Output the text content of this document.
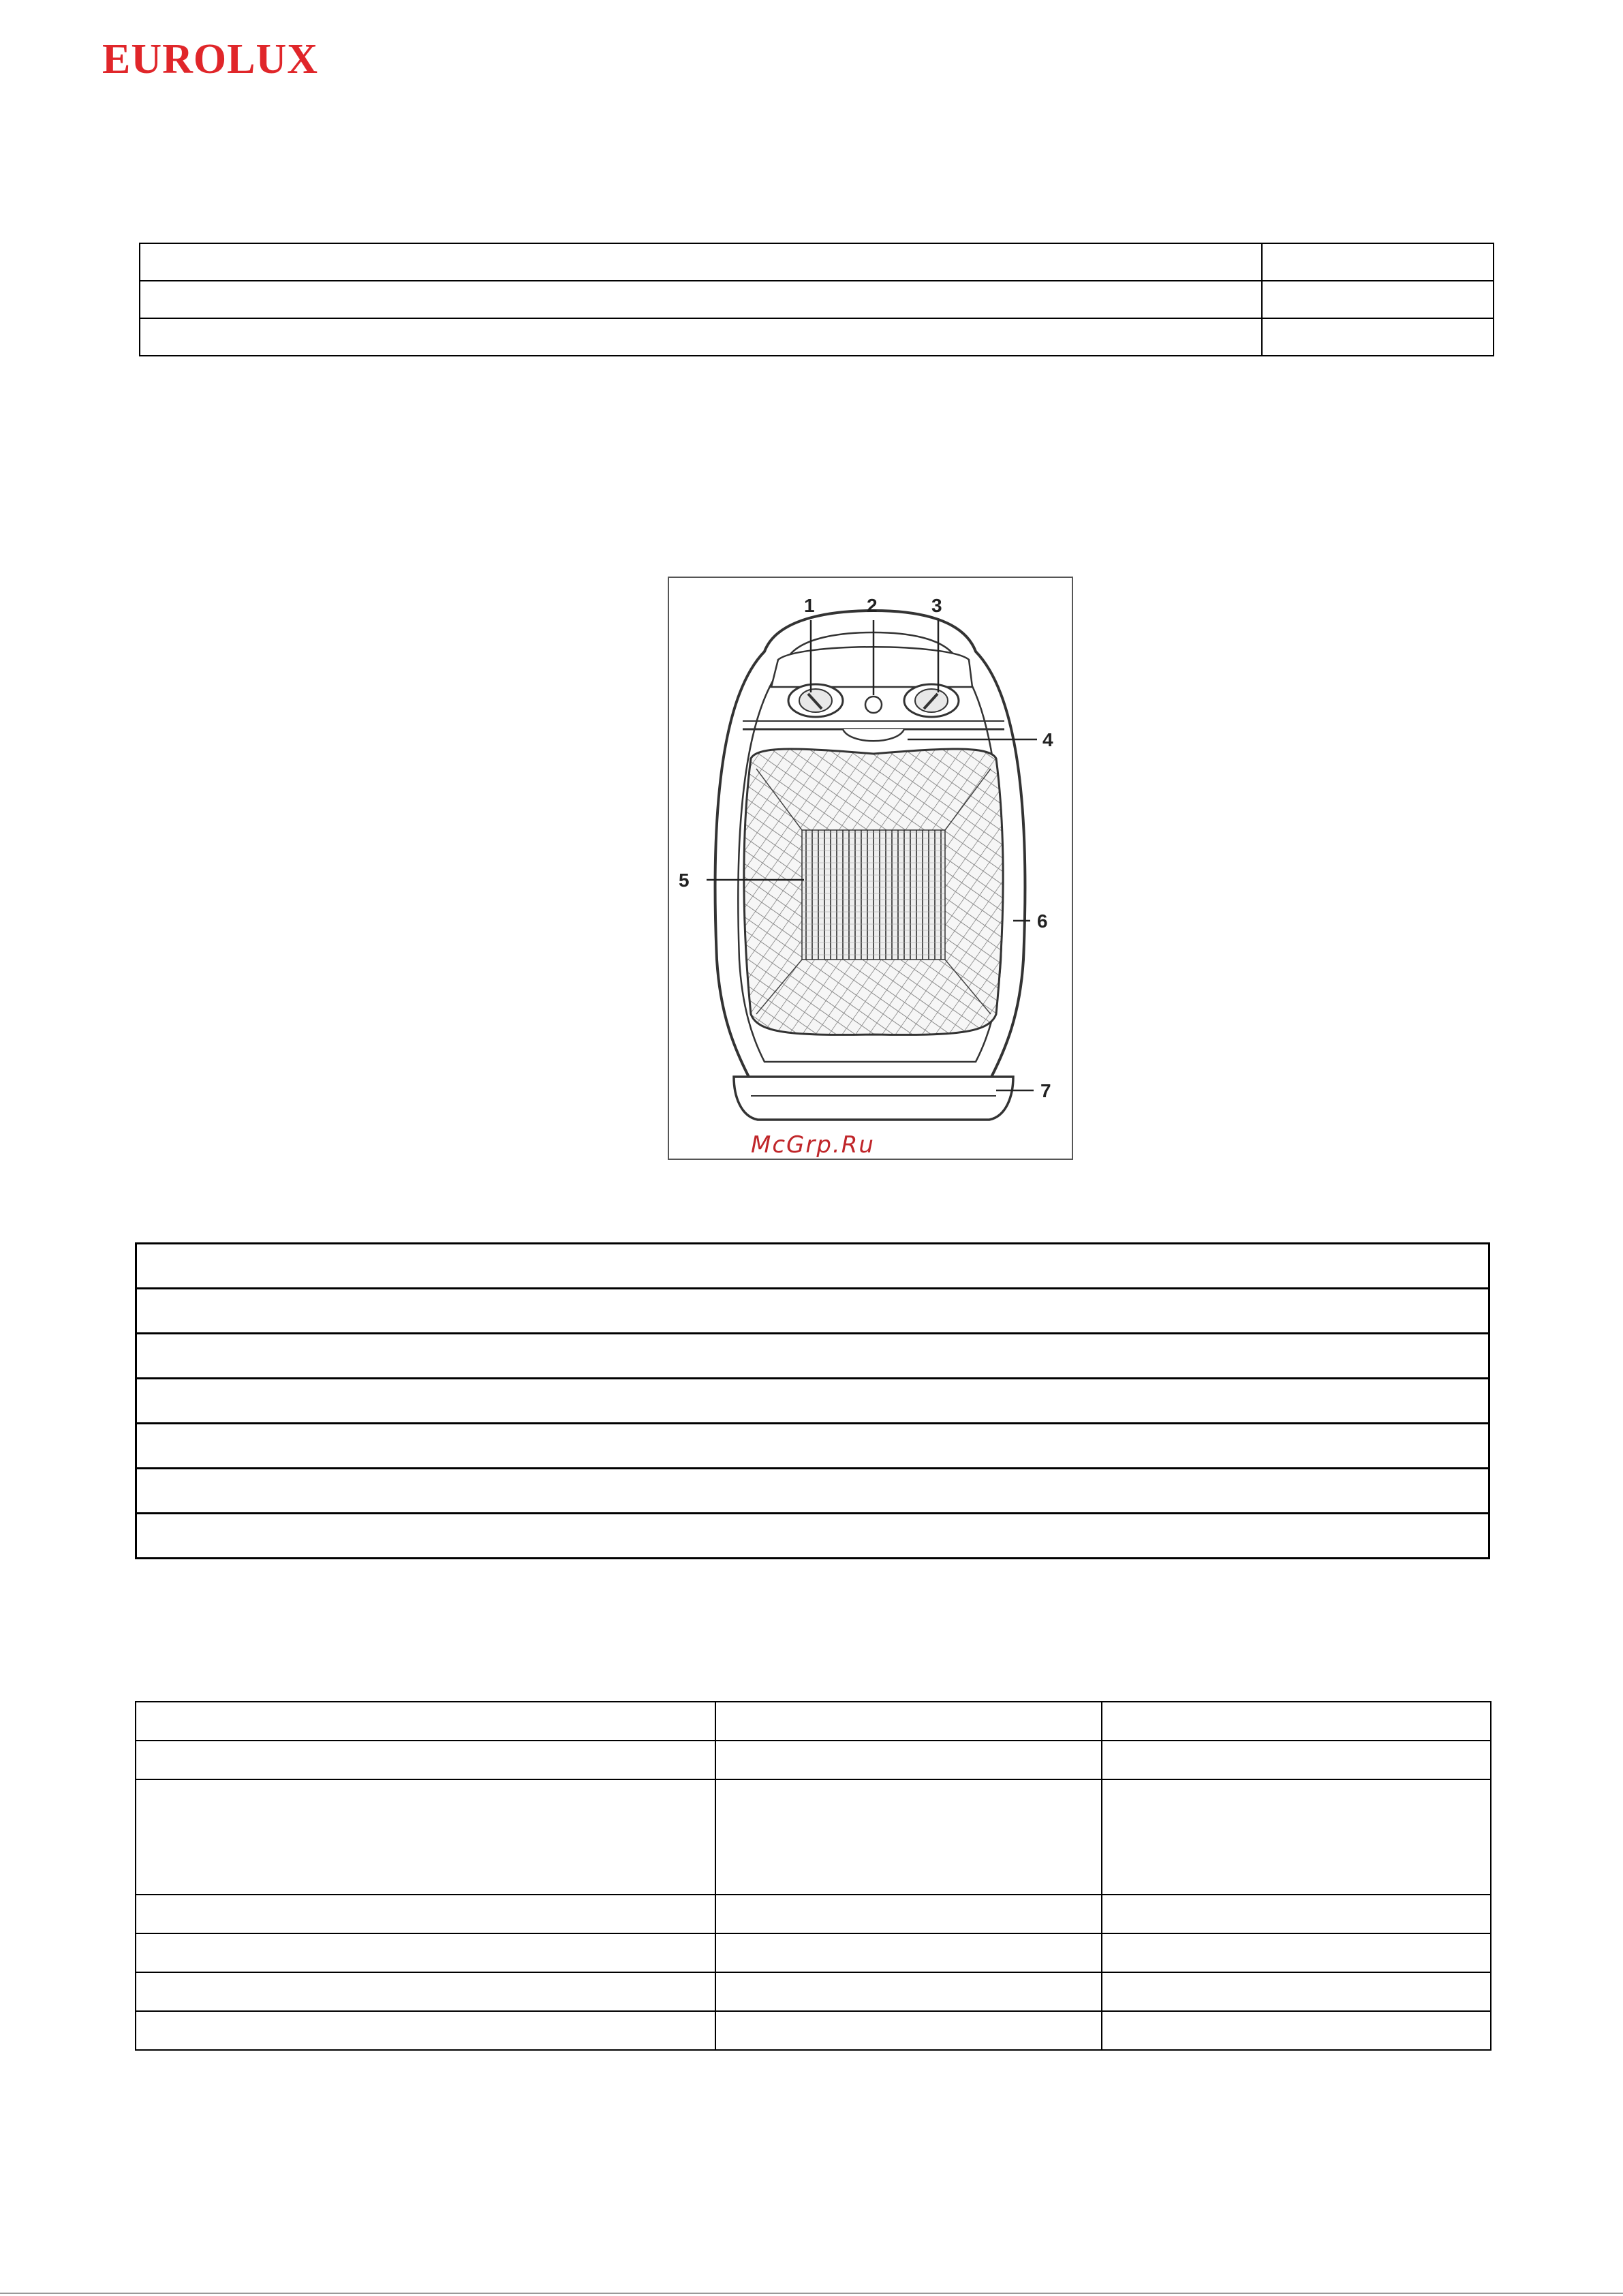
EUROLUX

1	2	3
4
5
6
7

McGrp.Ru
